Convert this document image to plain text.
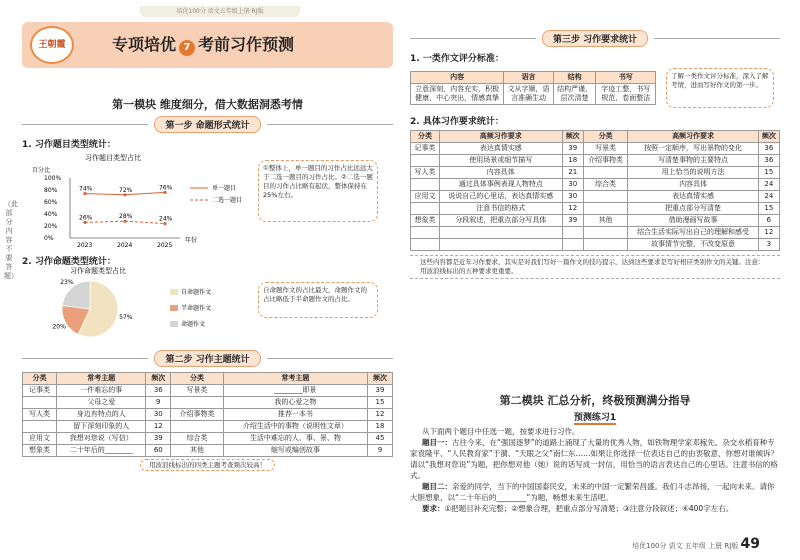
培优100分 语文五年级上册 RJ版
（此部分内容不要答题）
王朝霞	专项培优 7 考前习作预测
第一模块 维度细分，借大数据洞悉考情
第一步 命题形式统计
1. 习作题目类型统计：
习作题目类型占比
百分比
100%
80%
60%
40%
20%
0%
2023	2024	2025
74%	72%	76%
26%	28%	24%
年份
单一题目
二选一题目
①整体上，单一题目的习作占比远远大于二选一题目的习作占比。②二选一题目的习作占比略有起伏，整体保持在25%左右。
2. 习作命题类型统计：
习作命题类型占比
57%
20%
23%
自命题作文
半命题作文
命题作文
自命题作文的占比最大，命题作文的占比略低于半命题作文的占比。
第二步 习作主题统计
分类	常考主题	频次	分类	常考主题	频次
记事类	一件难忘的事	36	写景类	________即景	39
	父母之爱	9		我的心爱之物	15
写人类	身边有特点的人	30	介绍事物类	推荐一本书	12
	留下深刻印象的人	12		介绍生活中的事物（说明性文章）	18
应用文	我想对您说（写信）	39	综合类	生活中难忘的人、事、景、物	45
想象类	二十年后的________	60	其他	缩写或编创故事	9
用波浪线标出的四类主题考查频次较高！
第三步 习作要求统计
1. 一类作文评分标准：
内容	语言	结构	书写
立意深刻，内容充实，积极健康，中心突出，情感真挚	文从字顺，语言准确生动	结构严谨，层次清楚	字迹工整，书写规范，卷面整洁
了解一类作文评分标准，深入了解考情，进而写好作文的第一步。
2. 具体习作要求统计：
分类	高频习作要求	频次	分类	高频习作要求	频次
记事类	表达真情实感	39	写景类	按照一定顺序，写出景物的变化	36
	使用场景或细节描写	18	介绍事物类	写清楚事物的主要特点	36
写人类	内容具体	21		用上恰当的说明方法	15
	通过具体事例表现人物特点	30	综合类	内容具体	24
应用文	说说自己的心里话，表达真情实感	30		表达真情实感	24
	注意书信的格式	12		把重点部分写清楚	15
想象类	分段叙述，把重点部分写具体	39	其他	借助漫画写故事	6
				结合生活实际写出自己的理解和感受	12
				故事情节完整，不改变原意	3
这些内容都是近年习作要求，其实是对我们写好一篇作文的技巧提示，达到这些要求是写好相应类别作文的关键。注意：用波浪线标出的五种要求更重要。
第二模块 汇总分析，终极预测满分指导
预测练习1
从下面两个题目中任选一题，按要求进行习作。
题目一：古往今来，在“强国逐梦”的道路上涌现了大量的优秀人物，如铁物理学家邓稼先、杂交水稻育种专家袁隆平、“人民教育家”于漪、“天眼之父”南仁东……如果让你选择一位表达自己的由衷敬意，你想对谁倾诉？请以“我想对您说”为题，把你想对他（她）说的话写成一封信，用恰当的语言表达自己的心里话。注意书信的格式。
题目二：亲爱的同学，当下的中国国泰民安，未来的中国一定繁荣昌盛。我们斗志昂扬，一起向未来。请你大胆想象，以“二十年后的________”为题，畅想未来生活吧。
要求：①把题目补充完整；②想象合理，把重点部分写清楚；③注意分段叙述；④400字左右。
培优100分 语文 五年级 上册 RJ版 49
